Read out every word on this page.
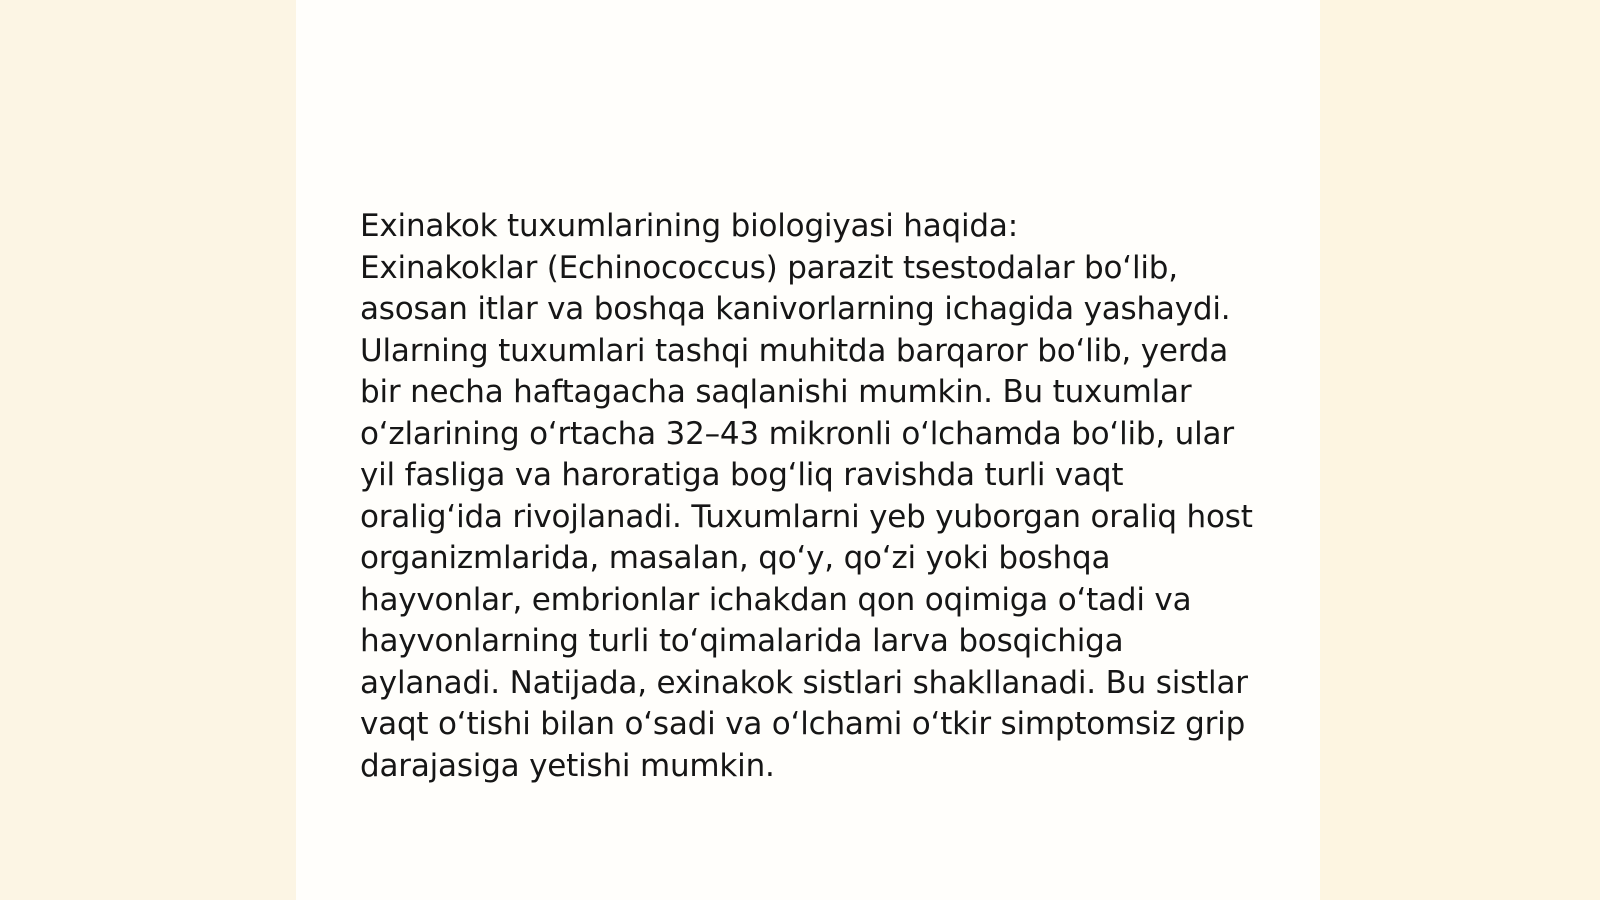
Exinakok tuxumlarining biologiyasi haqida:

Exinakoklar (Echinococcus) parazit tsestodalar bo‘lib, asosan itlar va boshqa kanivorlarning ichagida yashaydi. Ularning tuxumlari tashqi muhitda barqaror bo‘lib, yerda bir necha haftagacha saqlanishi mumkin. Bu tuxumlar o‘zlarining o‘rtacha 32–43 mikronli o‘lchamda bo‘lib, ular yil fasliga va haroratiga bog‘liq ravishda turli vaqt oralig‘ida rivojlanadi. Tuxumlarni yeb yuborgan oraliq host organizmlarida, masalan, qo‘y, qo‘zi yoki boshqa hayvonlar, embrionlar ichakdan qon oqimiga o‘tadi va hayvonlarning turli to‘qimalarida larva bosqichiga aylanadi. Natijada, exinakok sistlari shakllanadi. Bu sistlar vaqt o‘tishi bilan o‘sadi va o‘lchami o‘tkir simptomsiz grip darajasiga yetishi mumkin.
